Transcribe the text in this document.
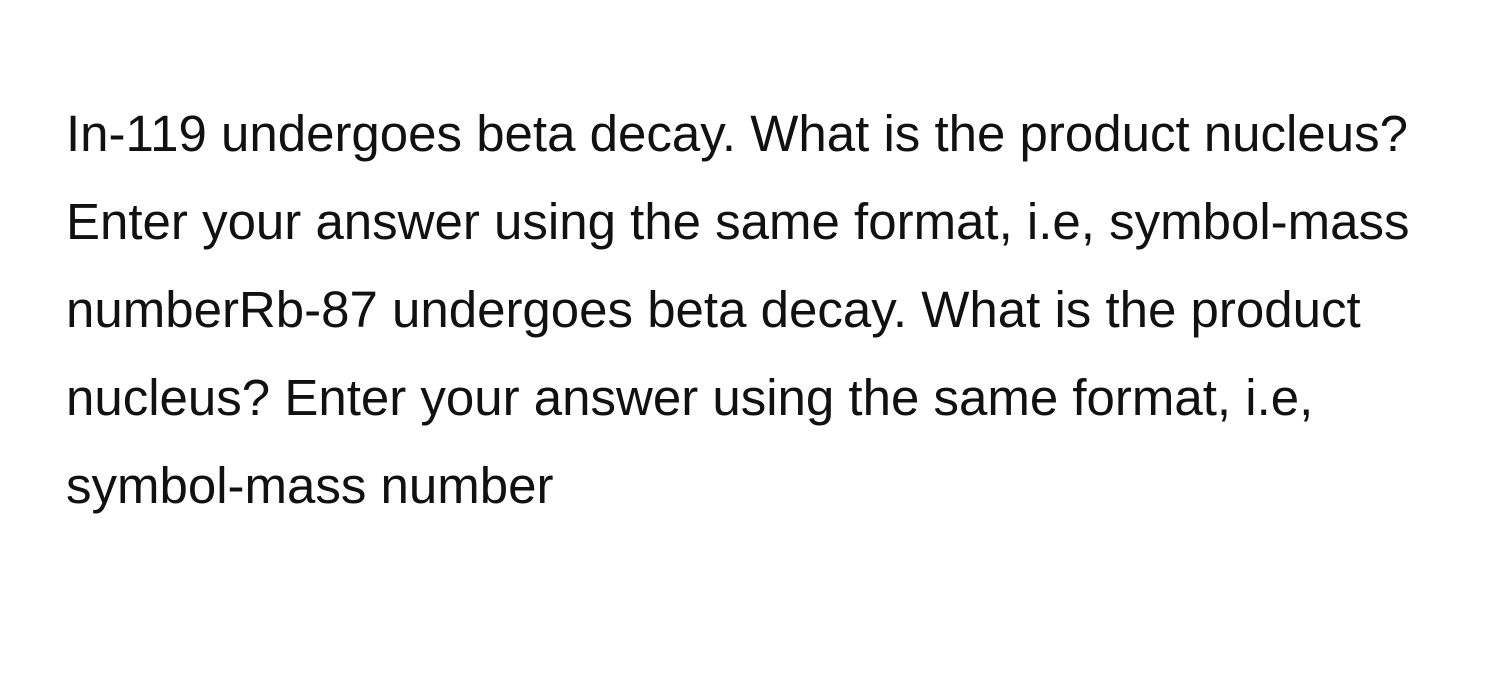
In-119 undergoes beta decay. What is the product nucleus? Enter your answer using the same format, i.e, symbol-mass numberRb-87 undergoes beta decay. What is the product nucleus? Enter your answer using the same format, i.e, symbol-mass number
